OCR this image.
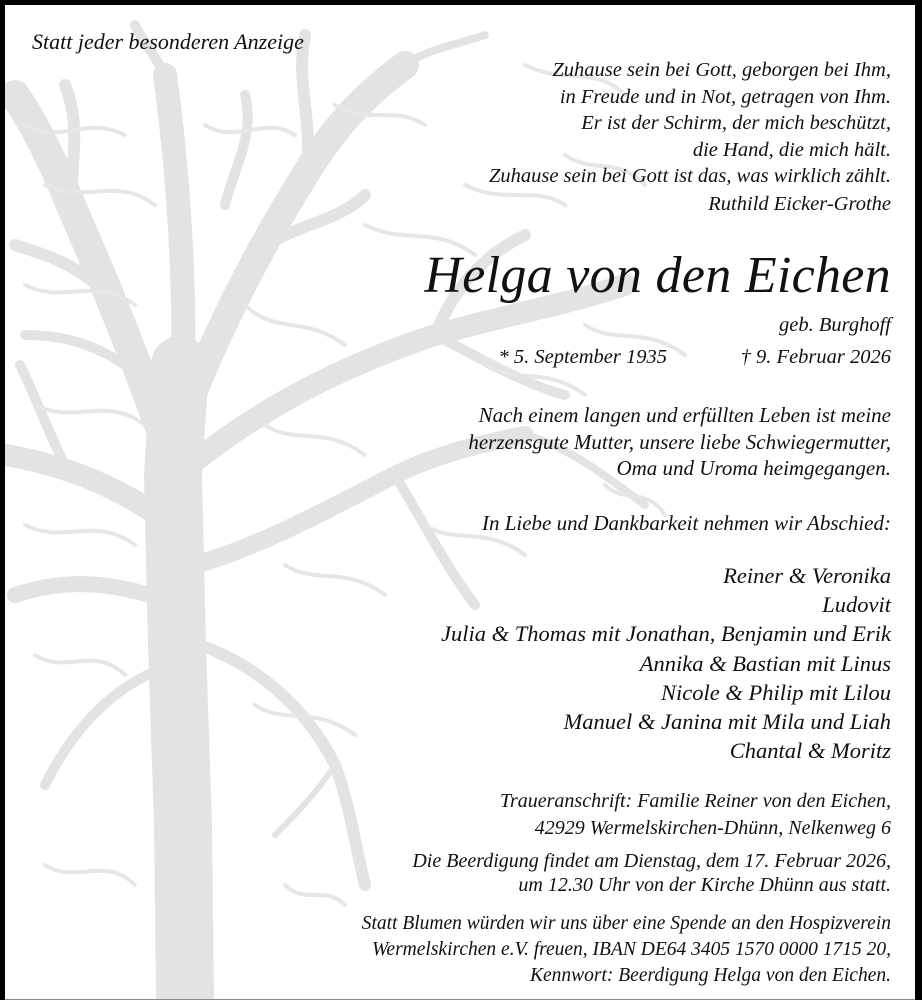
Statt jeder besonderen Anzeige
Zuhause sein bei Gott, geborgen bei Ihm,
in Freude und in Not, getragen von Ihm.
Er ist der Schirm, der mich beschützt,
die Hand, die mich hält.
Zuhause sein bei Gott ist das, was wirklich zählt.
Ruthild Eicker-Grothe
Helga von den Eichen
geb. Burghoff
* 5. September 1935	† 9. Februar 2026
Nach einem langen und erfüllten Leben ist meine
herzensgute Mutter, unsere liebe Schwiegermutter,
Oma und Uroma heimgegangen.
In Liebe und Dankbarkeit nehmen wir Abschied:
Reiner & Veronika
Ludovit
Julia & Thomas mit Jonathan, Benjamin und Erik
Annika & Bastian mit Linus
Nicole & Philip mit Lilou
Manuel & Janina mit Mila und Liah
Chantal & Moritz
Traueranschrift: Familie Reiner von den Eichen,
42929 Wermelskirchen-Dhünn, Nelkenweg 6
Die Beerdigung findet am Dienstag, dem 17. Februar 2026,
um 12.30 Uhr von der Kirche Dhünn aus statt.
Statt Blumen würden wir uns über eine Spende an den Hospizverein
Wermelskirchen e.V. freuen, IBAN DE64 3405 1570 0000 1715 20,
Kennwort: Beerdigung Helga von den Eichen.
